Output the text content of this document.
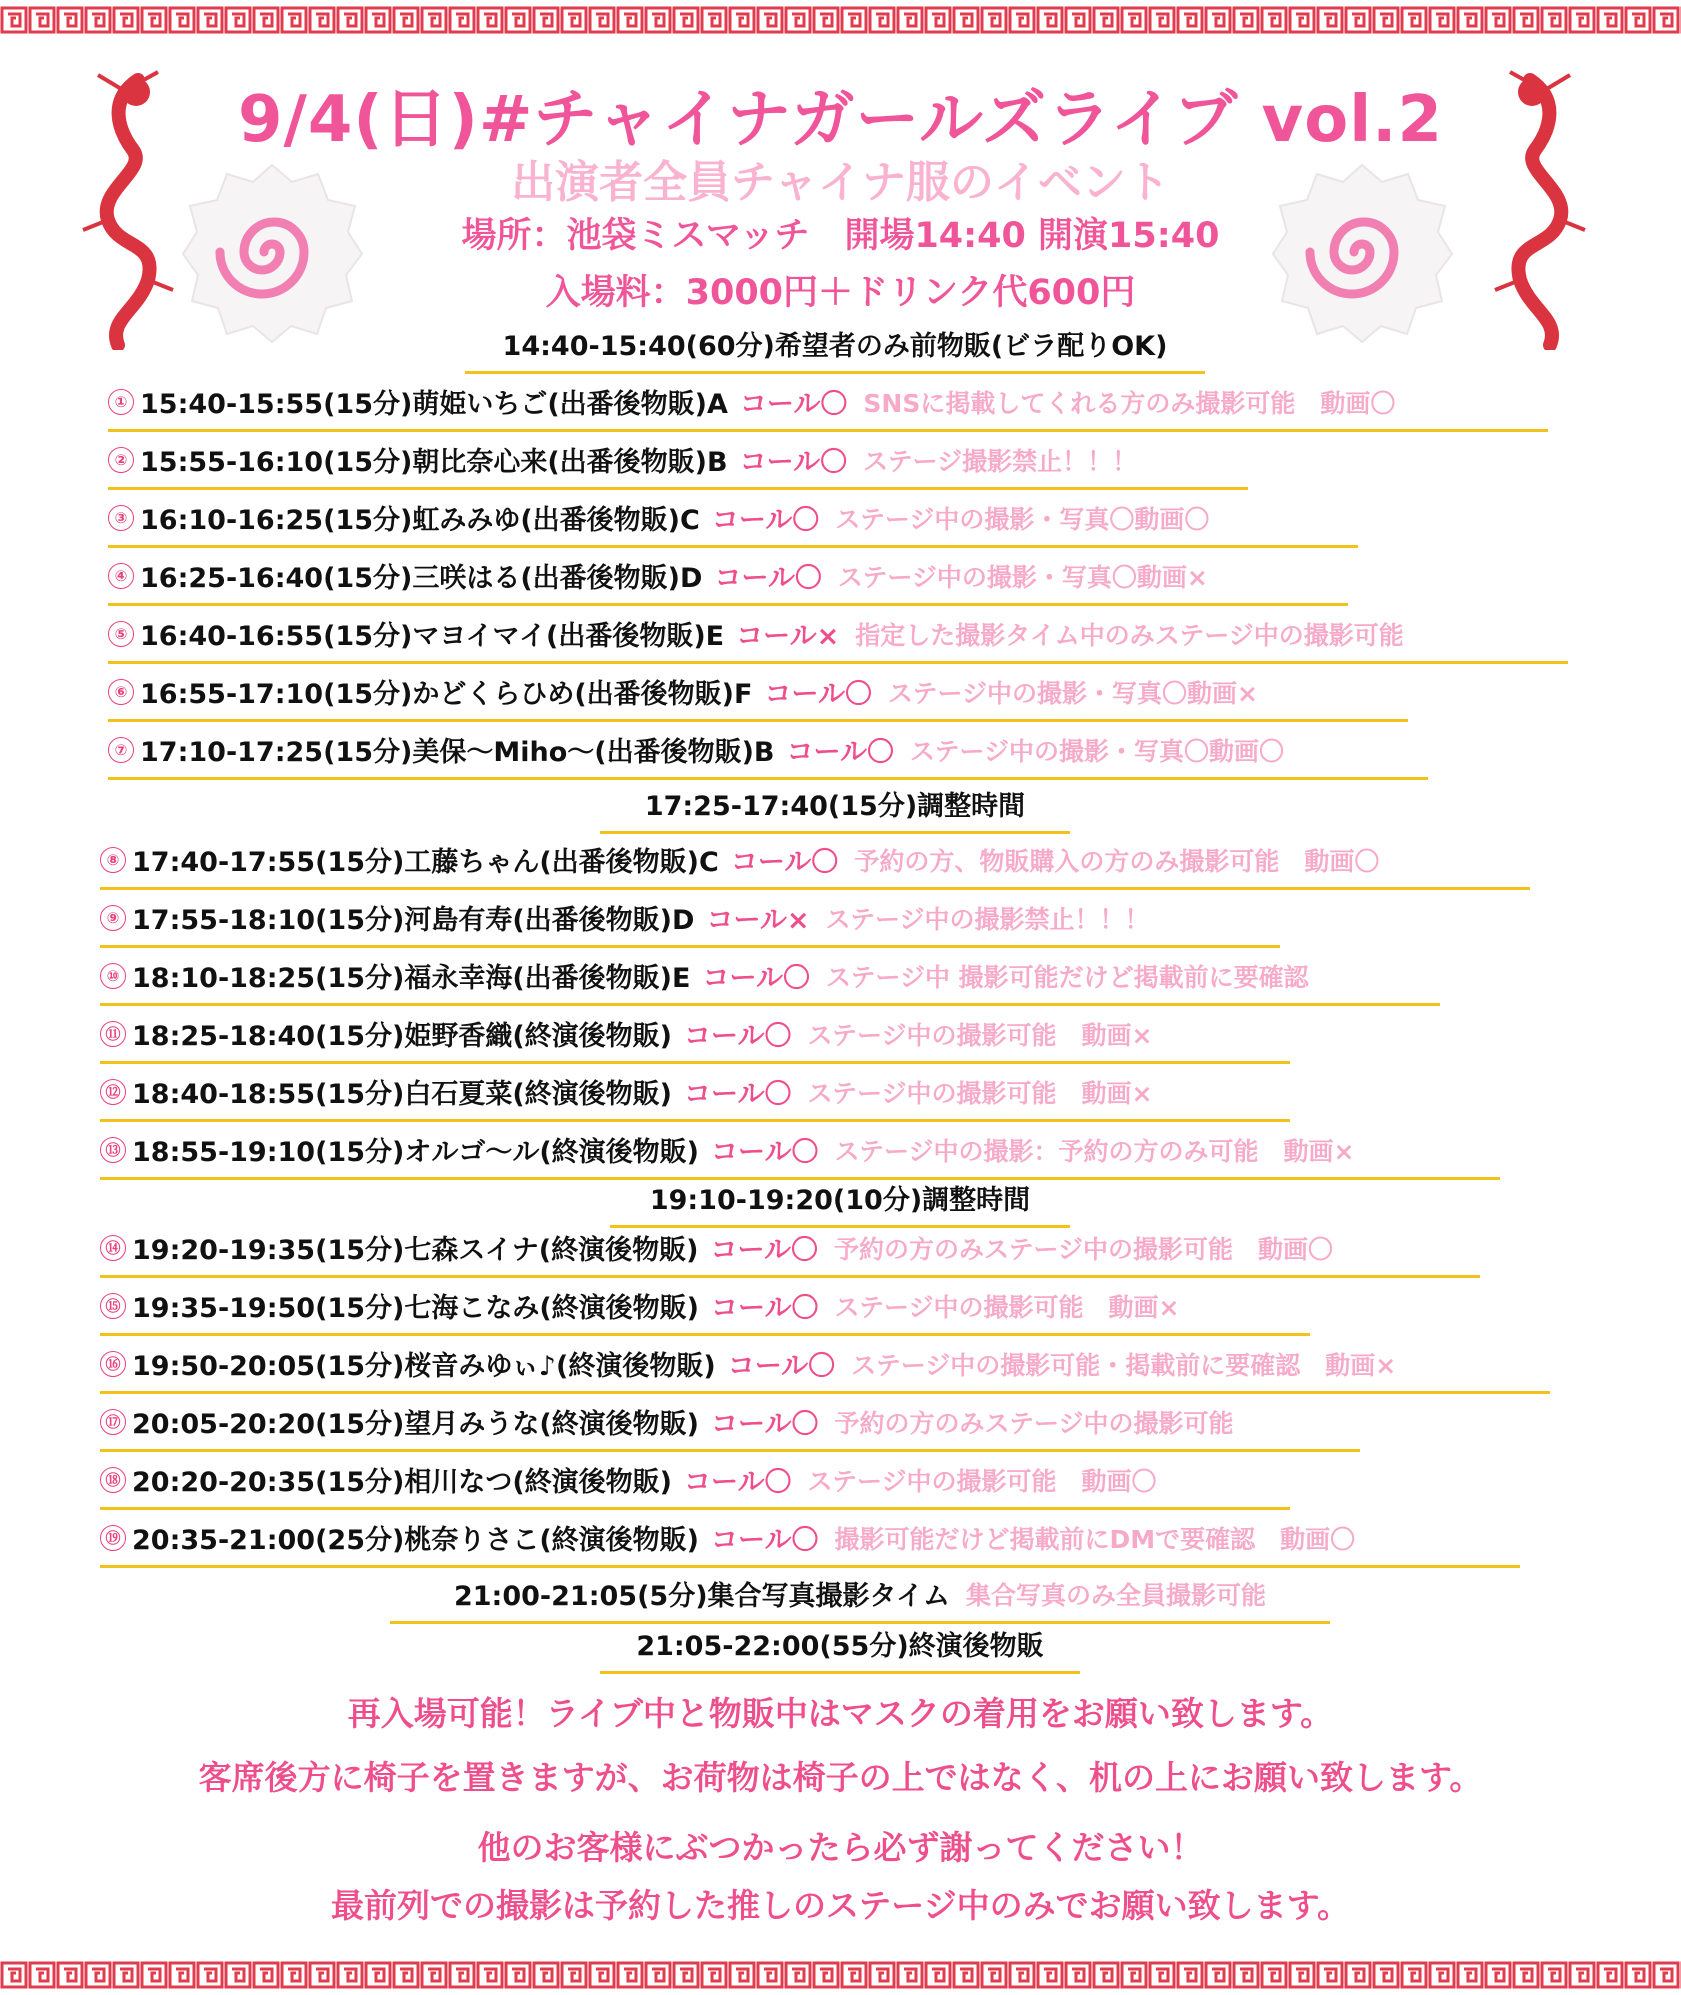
9/4(日)#チャイナガールズライブ vol.2
出演者全員チャイナ服のイベント
場所：池袋ミスマッチ　開場14:40 開演15:40
入場料：3000円＋ドリンク代600円
14:40-15:40(60分)希望者のみ前物販(ビラ配りOK)
① 15:40-15:55(15分)萌姫いちご(出番後物販)A コール〇 SNSに掲載してくれる方のみ撮影可能　動画〇
② 15:55-16:10(15分)朝比奈心来(出番後物販)B コール〇 ステージ撮影禁止！！！
③ 16:10-16:25(15分)虹みみゆ(出番後物販)C コール〇 ステージ中の撮影・写真〇動画〇
④ 16:25-16:40(15分)三咲はる(出番後物販)D コール〇 ステージ中の撮影・写真〇動画×
⑤ 16:40-16:55(15分)マヨイマイ(出番後物販)E コール× 指定した撮影タイム中のみステージ中の撮影可能
⑥ 16:55-17:10(15分)かどくらひめ(出番後物販)F コール〇 ステージ中の撮影・写真〇動画×
⑦ 17:10-17:25(15分)美保～Miho～(出番後物販)B コール〇 ステージ中の撮影・写真〇動画〇
17:25-17:40(15分)調整時間
⑧ 17:40-17:55(15分)工藤ちゃん(出番後物販)C コール〇 予約の方、物販購入の方のみ撮影可能　動画〇
⑨ 17:55-18:10(15分)河島有寿(出番後物販)D コール× ステージ中の撮影禁止！！！
⑩ 18:10-18:25(15分)福永幸海(出番後物販)E コール〇 ステージ中 撮影可能だけど掲載前に要確認
⑪ 18:25-18:40(15分)姫野香織(終演後物販) コール〇 ステージ中の撮影可能　動画×
⑫ 18:40-18:55(15分)白石夏菜(終演後物販) コール〇 ステージ中の撮影可能　動画×
⑬ 18:55-19:10(15分)オルゴ～ル(終演後物販) コール〇 ステージ中の撮影：予約の方のみ可能　動画×
19:10-19:20(10分)調整時間
⑭ 19:20-19:35(15分)七森スイナ(終演後物販) コール〇 予約の方のみステージ中の撮影可能　動画〇
⑮ 19:35-19:50(15分)七海こなみ(終演後物販) コール〇 ステージ中の撮影可能　動画×
⑯ 19:50-20:05(15分)桜音みゆぃ♪(終演後物販) コール〇 ステージ中の撮影可能・掲載前に要確認　動画×
⑰ 20:05-20:20(15分)望月みうな(終演後物販) コール〇 予約の方のみステージ中の撮影可能
⑱ 20:20-20:35(15分)相川なつ(終演後物販) コール〇 ステージ中の撮影可能　動画〇
⑲ 20:35-21:00(25分)桃奈りさこ(終演後物販) コール〇 撮影可能だけど掲載前にDMで要確認　動画〇
21:00-21:05(5分)集合写真撮影タイム 集合写真のみ全員撮影可能
21:05-22:00(55分)終演後物販
再入場可能！ライブ中と物販中はマスクの着用をお願い致します。
客席後方に椅子を置きますが、お荷物は椅子の上ではなく、机の上にお願い致します。
他のお客様にぶつかったら必ず謝ってください！
最前列での撮影は予約した推しのステージ中のみでお願い致します。
